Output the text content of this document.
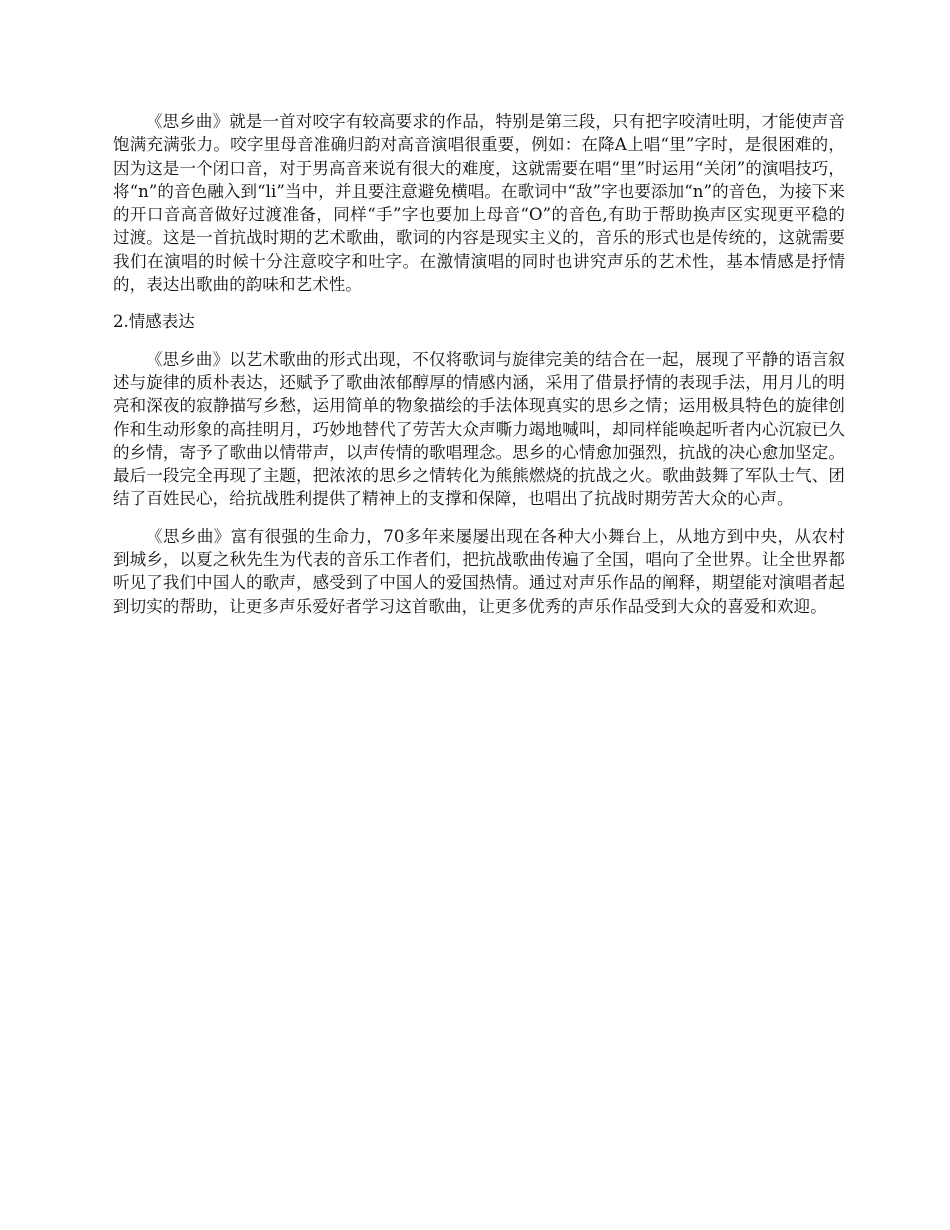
《思乡曲》就是一首对咬字有较高要求的作品，特别是第三段，只有把字咬清吐明，才能使声音饱满充满张力。咬字里母音准确归韵对高音演唱很重要，例如：在降A上唱“里”字时，是很困难的，因为这是一个闭口音，对于男高音来说有很大的难度，这就需要在唱“里”时运用“关闭”的演唱技巧，将“n”的音色融入到“li”当中，并且要注意避免横唱。在歌词中“敌”字也要添加“n”的音色，为接下来的开口音高音做好过渡准备，同样“手”字也要加上母音“O”的音色,有助于帮助换声区实现更平稳的过渡。这是一首抗战时期的艺术歌曲，歌词的内容是现实主义的，音乐的形式也是传统的，这就需要我们在演唱的时候十分注意咬字和吐字。在激情演唱的同时也讲究声乐的艺术性，基本情感是抒情的，表达出歌曲的韵味和艺术性。

2.情感表达

《思乡曲》以艺术歌曲的形式出现，不仅将歌词与旋律完美的结合在一起，展现了平静的语言叙述与旋律的质朴表达，还赋予了歌曲浓郁醇厚的情感内涵，采用了借景抒情的表现手法，用月儿的明亮和深夜的寂静描写乡愁，运用简单的物象描绘的手法体现真实的思乡之情；运用极具特色的旋律创作和生动形象的高挂明月，巧妙地替代了劳苦大众声嘶力竭地喊叫，却同样能唤起听者内心沉寂已久的乡情，寄予了歌曲以情带声，以声传情的歌唱理念。思乡的心情愈加强烈，抗战的决心愈加坚定。最后一段完全再现了主题，把浓浓的思乡之情转化为熊熊燃烧的抗战之火。歌曲鼓舞了军队士气、团结了百姓民心，给抗战胜利提供了精神上的支撑和保障，也唱出了抗战时期劳苦大众的心声。

《思乡曲》富有很强的生命力，70多年来屡屡出现在各种大小舞台上，从地方到中央，从农村到城乡，以夏之秋先生为代表的音乐工作者们，把抗战歌曲传遍了全国，唱向了全世界。让全世界都听见了我们中国人的歌声，感受到了中国人的爱国热情。通过对声乐作品的阐释，期望能对演唱者起到切实的帮助，让更多声乐爱好者学习这首歌曲，让更多优秀的声乐作品受到大众的喜爱和欢迎。
